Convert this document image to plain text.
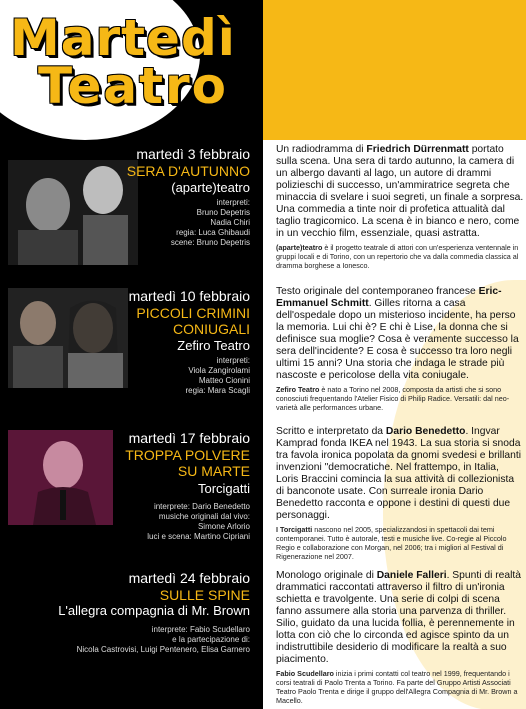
Martedì
Teatro
martedì 3 febbraio
SERA D'AUTUNNO
(aparte)teatro
interpreti:
Bruno Depetris
Nadia Chiri
regia: Luca Ghibaudi
scene: Bruno Depetris
martedì 10 febbraio
PICCOLI CRIMINI
CONIUGALI
Zefiro Teatro
interpreti:
Viola Zangirolami
Matteo Cionini
regia: Mara Scagli
martedì 17 febbraio
TROPPA POLVERE
SU MARTE
Torcigatti
interprete: Dario Benedetto
musiche originali dal vivo:
Simone Arlorio
luci e scena: Martino Cipriani
martedì 24 febbraio
SULLE SPINE
L'allegra compagnia di Mr. Brown
interprete: Fabio Scudellaro
e la partecipazione di:
Nicola Castrovisi, Luigi Pentenero, Elisa Garnero
Un radiodramma di Friedrich Dürrenmatt portato sulla scena. Una sera di tardo autunno, la camera di un albergo davanti al lago, un autore di drammi polizieschi di successo, un'ammiratrice segreta che minaccia di svelare i suoi segreti, un finale a sorpresa. Una commedia a tinte noir di profetica attualità dal taglio tragicomico. La scena è in bianco e nero, come in un vecchio film, essenziale, quasi astratta.
(aparte)teatro è il progetto teatrale di attori con un'esperienza ventennale in gruppi locali e di Torino, con un repertorio che va dalla commedia classica al dramma borghese a Ionesco.
Testo originale del contemporaneo francese Eric-Emmanuel Schmitt. Gilles ritorna a casa dell'ospedale dopo un misterioso incidente, ha perso la memoria. Lui chi è? E chi è Lise, la donna che si definisce sua moglie? Cosa è veramente successo la sera dell'incidente? E cosa è successo tra loro negli ultimi 15 anni? Una storia che indaga le strade più nascoste e pericolose della vita coniugale.
Zefiro Teatro è nato a Torino nel 2008, composta da artisti che si sono conosciuti frequentando l'Atelier Fisico di Philip Radice. Versatili: dal neo-varietà alle performances urbane.
Scritto e interpretato da Dario Benedetto. Ingvar Kamprad fonda IKEA nel 1943. La sua storia si snoda tra favola ironica popolata da gnomi svedesi e brillanti invenzioni "democratiche. Nel frattempo, in Italia, Loris Braccini comincia la sua attività di collezionista di banconote usate. Con surreale ironia Dario Benedetto racconta e oppone i destini di questi due personaggi.
I Torcigatti nascono nel 2005, specializzandosi in spettacoli dai temi contemporanei. Tutto è autorale, testi e musiche live. Co-regie al Piccolo Regio e collaborazione con Morgan, nel 2006; tra i migliori al Festival di Rigenerazione nel 2007.
Monologo originale di Daniele Falleri. Spunti di realtà drammatici raccontati attraverso il filtro di un'ironia schietta e travolgente. Una serie di colpi di scena fanno assumere alla storia una parvenza di thriller. Silio, guidato da una lucida follia, è perennemente in lotta con ciò che lo circonda ed agisce spinto da un indistruttibile desiderio di modificare la realtà a suo piacimento.
Fabio Scudellaro inizia i primi contatti col teatro nel 1999, frequentando i corsi teatrali di Paolo Trenta a Torino. Fa parte del Gruppo Artisti Associati Teatro Paolo Trenta e dirige il gruppo dell'Allegra Compagnia di Mr. Brown a Macello.
